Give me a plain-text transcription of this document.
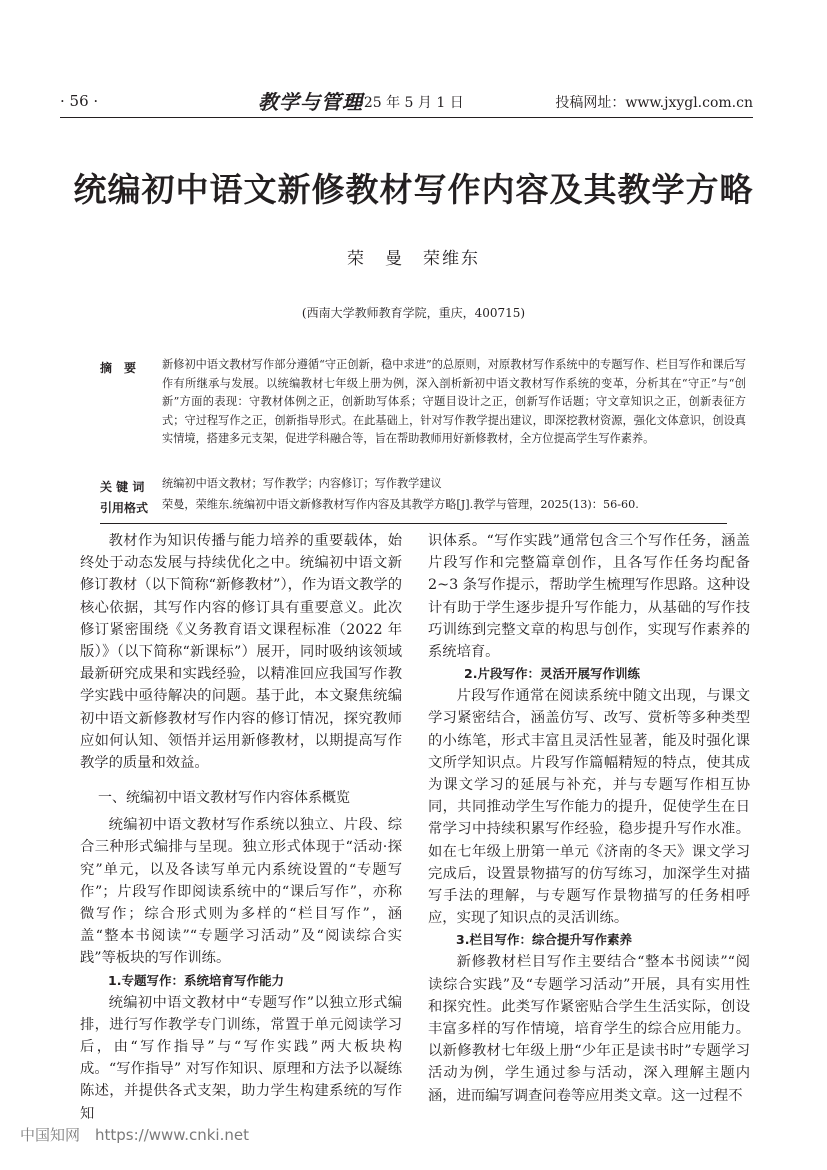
· 56 ·	教学与管理
2025 年 5 月 1 日	投稿网址：www.jxygl.com.cn
统编初中语文新修教材写作内容及其教学方略
荣　曼　荣维东
(西南大学教师教育学院，重庆，400715)
摘　要	新修初中语文教材写作部分遵循“守正创新，稳中求进”的总原则，对原教材写作系统中的专题写作、栏目写作和课后写作有所继承与发展。以统编教材七年级上册为例，深入剖析新初中语文教材写作系统的变革，分析其在“守正”与“创新”方面的表现：守教材体例之正，创新助写体系；守题目设计之正，创新写作话题；守文章知识之正，创新表征方式；守过程写作之正，创新指导形式。在此基础上，针对写作教学提出建议，即深挖教材资源，强化文体意识，创设真实情境，搭建多元支架，促进学科融合等，旨在帮助教师用好新修教材，全方位提高学生写作素养。
关 键 词	统编初中语文教材；写作教学；内容修订；写作教学建议
引用格式	荣曼，荣维东.统编初中语文新修教材写作内容及其教学方略[J].教学与管理，2025(13)：56-60.

教材作为知识传播与能力培养的重要载体，始终处于动态发展与持续优化之中。统编初中语文新修订教材（以下简称“新修教材”），作为语文教学的核心依据，其写作内容的修订具有重要意义。此次修订紧密围绕《义务教育语文课程标准（2022 年版）》（以下简称“新课标”）展开，同时吸纳该领域最新研究成果和实践经验，以精准回应我国写作教学实践中亟待解决的问题。基于此，本文聚焦统编初中语文新修教材写作内容的修订情况，探究教师应如何认知、领悟并运用新修教材，以期提高写作教学的质量和效益。

一、统编初中语文教材写作内容体系概览

统编初中语文教材写作系统以独立、片段、综合三种形式编排与呈现。独立形式体现于“活动·探究”单元，以及各读写单元内系统设置的“专题写作”；片段写作即阅读系统中的“课后写作”，亦称微写作；综合形式则为多样的“栏目写作”，涵盖“整本书阅读”“专题学习活动”及“阅读综合实践”等板块的写作训练。

1.专题写作：系统培育写作能力

统编初中语文教材中“专题写作”以独立形式编排，进行写作教学专门训练，常置于单元阅读学习后，由“写作指导”与“写作实践”两大板块构成。“写作指导” 对写作知识、原理和方法予以凝练陈述，并提供各式支架，助力学生构建系统的写作知

识体系。“写作实践”通常包含三个写作任务，涵盖片段写作和完整篇章创作，且各写作任务均配备 2~3 条写作提示，帮助学生梳理写作思路。这种设计有助于学生逐步提升写作能力，从基础的写作技巧训练到完整文章的构思与创作，实现写作素养的系统培育。

2.片段写作：灵活开展写作训练

片段写作通常在阅读系统中随文出现，与课文学习紧密结合，涵盖仿写、改写、赏析等多种类型的小练笔，形式丰富且灵活性显著，能及时强化课文所学知识点。片段写作篇幅精短的特点，使其成为课文学习的延展与补充，并与专题写作相互协同，共同推动学生写作能力的提升，促使学生在日常学习中持续积累写作经验，稳步提升写作水准。如在七年级上册第一单元《济南的冬天》课文学习完成后，设置景物描写的仿写练习，加深学生对描写手法的理解，与专题写作景物描写的任务相呼应，实现了知识点的灵活训练。

3.栏目写作：综合提升写作素养

新修教材栏目写作主要结合“整本书阅读”“阅读综合实践”及“专题学习活动”开展，具有实用性和探究性。此类写作紧密贴合学生生活实际，创设丰富多样的写作情境，培育学生的综合应用能力。以新修教材七年级上册“少年正是读书时”专题学习活动为例，学生通过参与活动，深入理解主题内涵，进而编写调查问卷等应用类文章。这一过程不

中国知网　https://www.cnki.net
